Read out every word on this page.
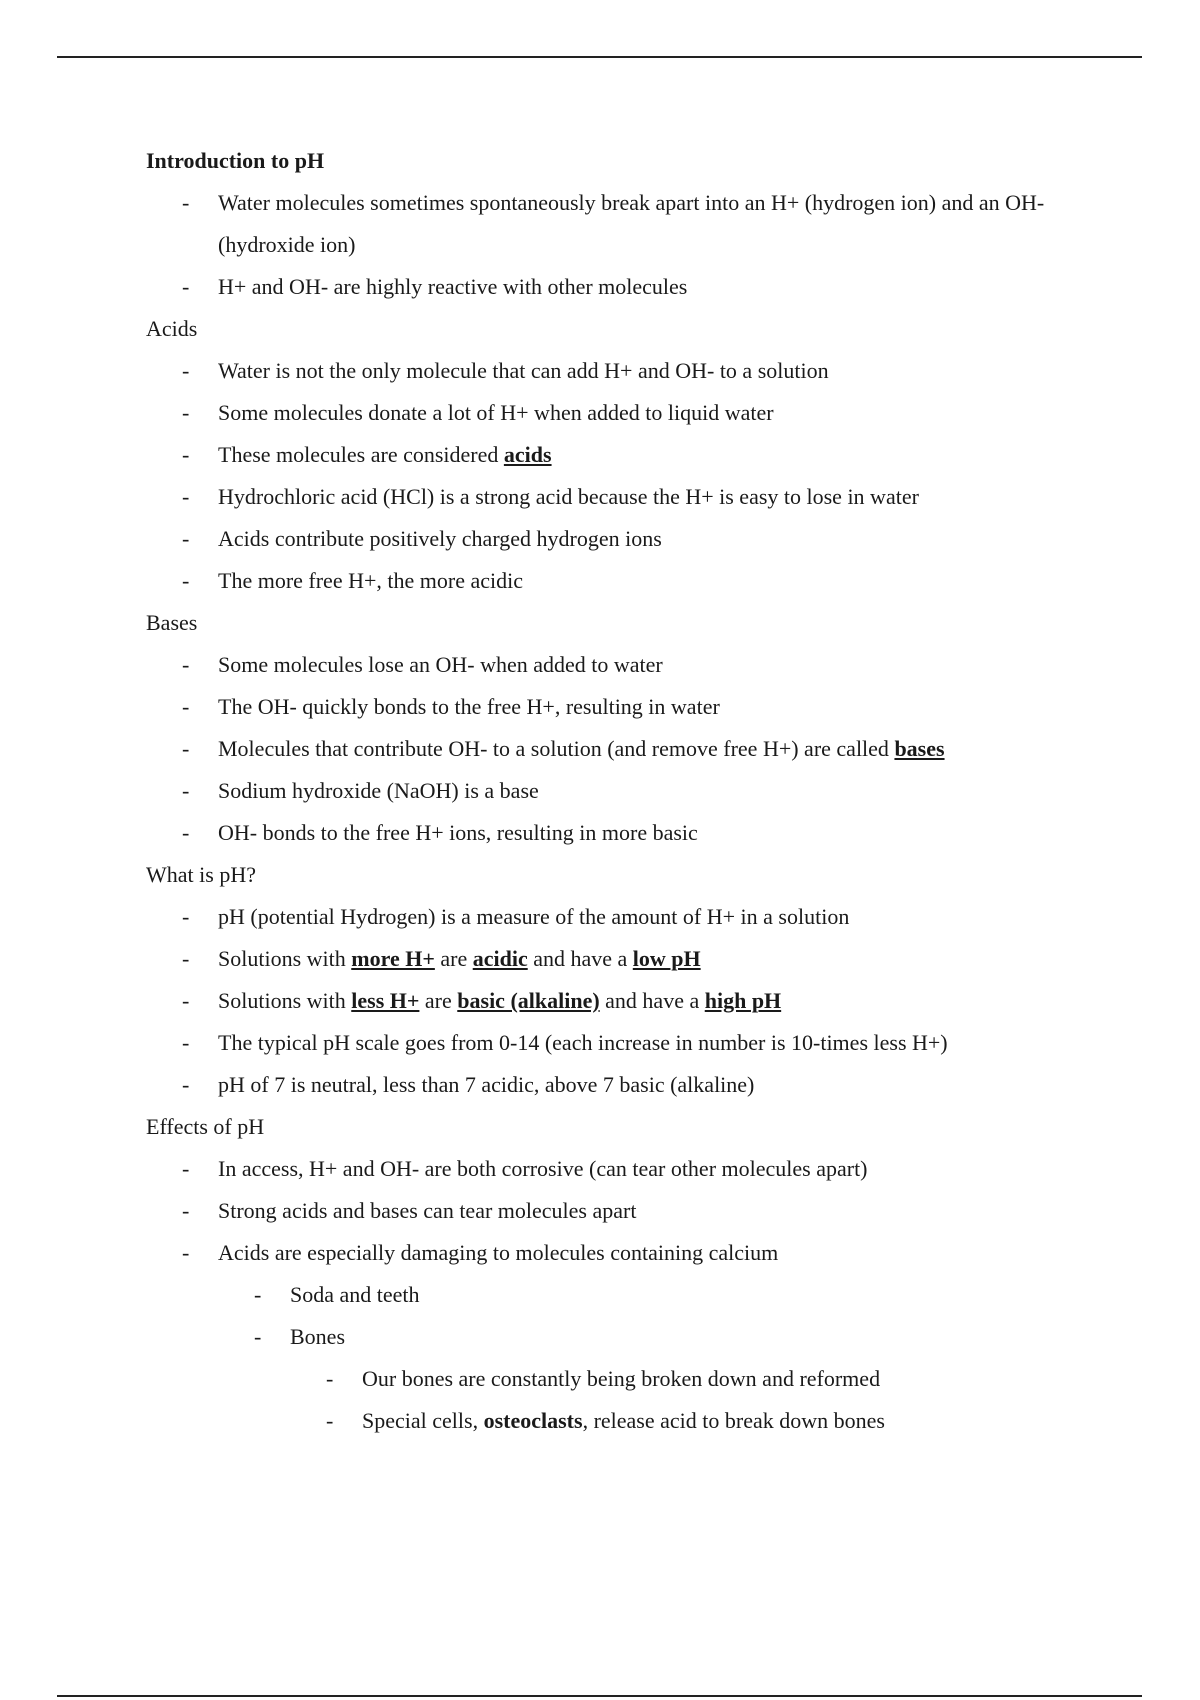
Introduction to pH
- Water molecules sometimes spontaneously break apart into an H+ (hydrogen ion) and an OH- (hydroxide ion)
- H+ and OH- are highly reactive with other molecules
Acids
- Water is not the only molecule that can add H+ and OH- to a solution
- Some molecules donate a lot of H+ when added to liquid water
- These molecules are considered acids
- Hydrochloric acid (HCl) is a strong acid because the H+ is easy to lose in water
- Acids contribute positively charged hydrogen ions
- The more free H+, the more acidic
Bases
- Some molecules lose an OH- when added to water
- The OH- quickly bonds to the free H+, resulting in water
- Molecules that contribute OH- to a solution (and remove free H+) are called bases
- Sodium hydroxide (NaOH) is a base
- OH- bonds to the free H+ ions, resulting in more basic
What is pH?
- pH (potential Hydrogen) is a measure of the amount of H+ in a solution
- Solutions with more H+ are acidic and have a low pH
- Solutions with less H+ are basic (alkaline) and have a high pH
- The typical pH scale goes from 0-14 (each increase in number is 10-times less H+)
- pH of 7 is neutral, less than 7 acidic, above 7 basic (alkaline)
Effects of pH
- In access, H+ and OH- are both corrosive (can tear other molecules apart)
- Strong acids and bases can tear molecules apart
- Acids are especially damaging to molecules containing calcium
- Soda and teeth
- Bones
- Our bones are constantly being broken down and reformed
- Special cells, osteoclasts, release acid to break down bones
